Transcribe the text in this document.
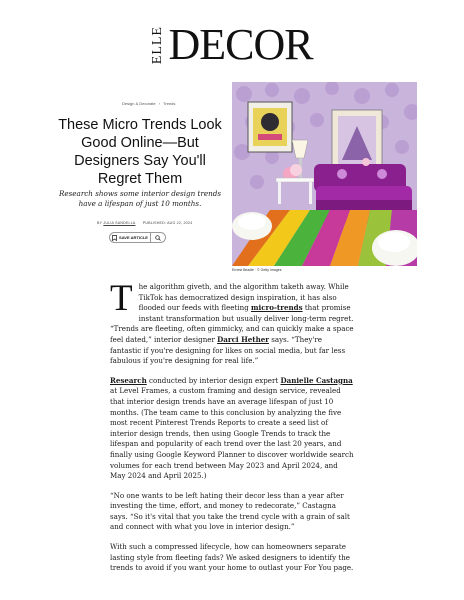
ELLE DECOR
Design & Decorate › Trends
These Micro Trends Look Good Online—But Designers Say You'll Regret Them

Research shows some interior design trends have a lifespan of just 10 months.

BY JULIA SANDELLA PUBLISHED: AUG 22, 2024
SAVE ARTICLE
Ernest Beadle · © Getty Images

The algorithm giveth, and the algorithm taketh away. While TikTok has democratized design inspiration, it has also flooded our feeds with fleeting micro-trends that promise instant transformation but usually deliver long-term regret. “Trends are fleeting, often gimmicky, and can quickly make a space feel dated,” interior designer Darci Hether says. “They're fantastic if you're designing for likes on social media, but far less fabulous if you're designing for real life.”

Research conducted by interior design expert Danielle Castagna at Level Frames, a custom framing and design service, revealed that interior design trends have an average lifespan of just 10 months. (The team came to this conclusion by analyzing the five most recent Pinterest Trends Reports to create a seed list of interior design trends, then using Google Trends to track the lifespan and popularity of each trend over the last 20 years, and finally using Google Keyword Planner to discover worldwide search volumes for each trend between May 2023 and April 2024, and May 2024 and April 2025.)

“No one wants to be left hating their decor less than a year after investing the time, effort, and money to redecorate,” Castagna says. “So it's vital that you take the trend cycle with a grain of salt and connect with what you love in interior design.”

With such a compressed lifecycle, how can homeowners separate lasting style from fleeting fads? We asked designers to identify the trends to avoid if you want your home to outlast your For You page.
